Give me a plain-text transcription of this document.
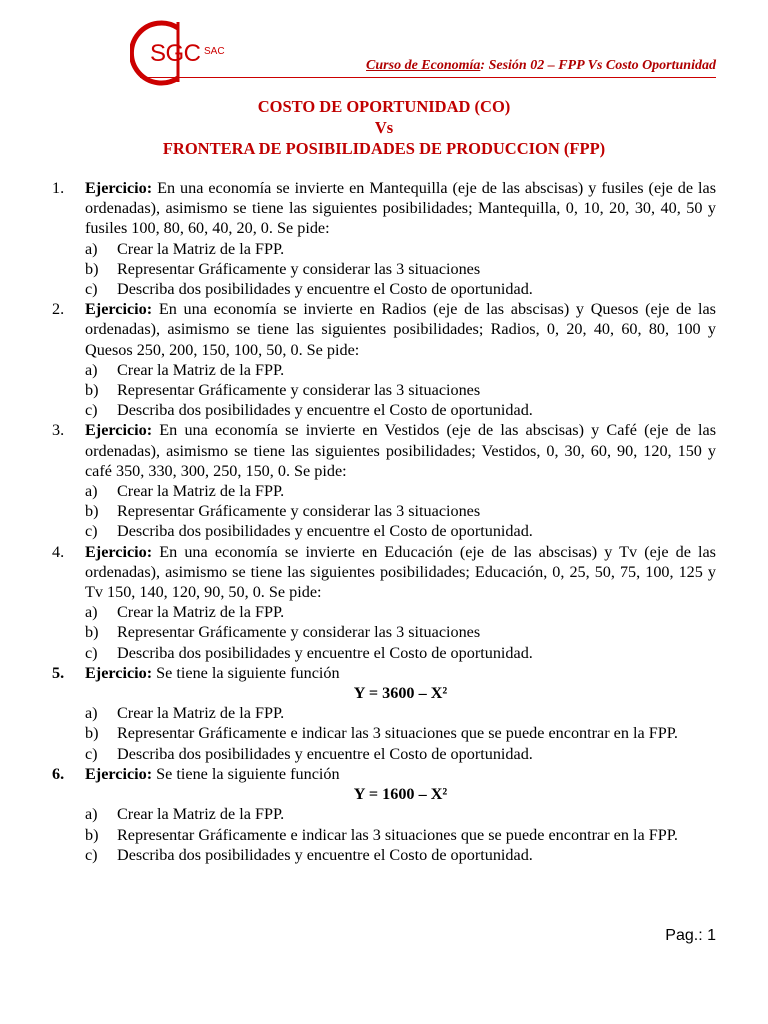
SGC SAC
Curso de Economía: Sesión 02 – FPP Vs Costo Oportunidad
COSTO DE OPORTUNIDAD (CO)
Vs
FRONTERA DE POSIBILIDADES DE PRODUCCION (FPP)
1.	Ejercicio: En una economía se invierte en Mantequilla (eje de las abscisas) y fusiles (eje de las ordenadas), asimismo se tiene las siguientes posibilidades; Mantequilla, 0, 10, 20, 30, 40, 50 y fusiles 100, 80, 60, 40, 20, 0. Se pide:
a)	Crear la Matriz de la FPP.
b)	Representar Gráficamente y considerar las 3 situaciones
c)	Describa dos posibilidades y encuentre el Costo de oportunidad.
2.	Ejercicio: En una economía se invierte en Radios (eje de las abscisas) y Quesos (eje de las ordenadas), asimismo se tiene las siguientes posibilidades; Radios, 0, 20, 40, 60, 80, 100 y Quesos 250, 200, 150, 100, 50, 0. Se pide:
a)	Crear la Matriz de la FPP.
b)	Representar Gráficamente y considerar las 3 situaciones
c)	Describa dos posibilidades y encuentre el Costo de oportunidad.
3.	Ejercicio: En una economía se invierte en Vestidos (eje de las abscisas) y Café (eje de las ordenadas), asimismo se tiene las siguientes posibilidades; Vestidos, 0, 30, 60, 90, 120, 150 y café 350, 330, 300, 250, 150, 0. Se pide:
a)	Crear la Matriz de la FPP.
b)	Representar Gráficamente y considerar las 3 situaciones
c)	Describa dos posibilidades y encuentre el Costo de oportunidad.
4.	Ejercicio: En una economía se invierte en Educación (eje de las abscisas) y Tv (eje de las ordenadas), asimismo se tiene las siguientes posibilidades; Educación, 0, 25, 50, 75, 100, 125 y Tv 150, 140, 120, 90, 50, 0. Se pide:
a)	Crear la Matriz de la FPP.
b)	Representar Gráficamente y considerar las 3 situaciones
c)	Describa dos posibilidades y encuentre el Costo de oportunidad.
5.	Ejercicio: Se tiene la siguiente función
Y = 3600 – X²
a)	Crear la Matriz de la FPP.
b)	Representar Gráficamente e indicar las 3 situaciones que se puede encontrar en la FPP.
c)	Describa dos posibilidades y encuentre el Costo de oportunidad.
6.	Ejercicio: Se tiene la siguiente función
Y = 1600 – X²
a)	Crear la Matriz de la FPP.
b)	Representar Gráficamente e indicar las 3 situaciones que se puede encontrar en la FPP.
c)	Describa dos posibilidades y encuentre el Costo de oportunidad.
Pag.: 1
